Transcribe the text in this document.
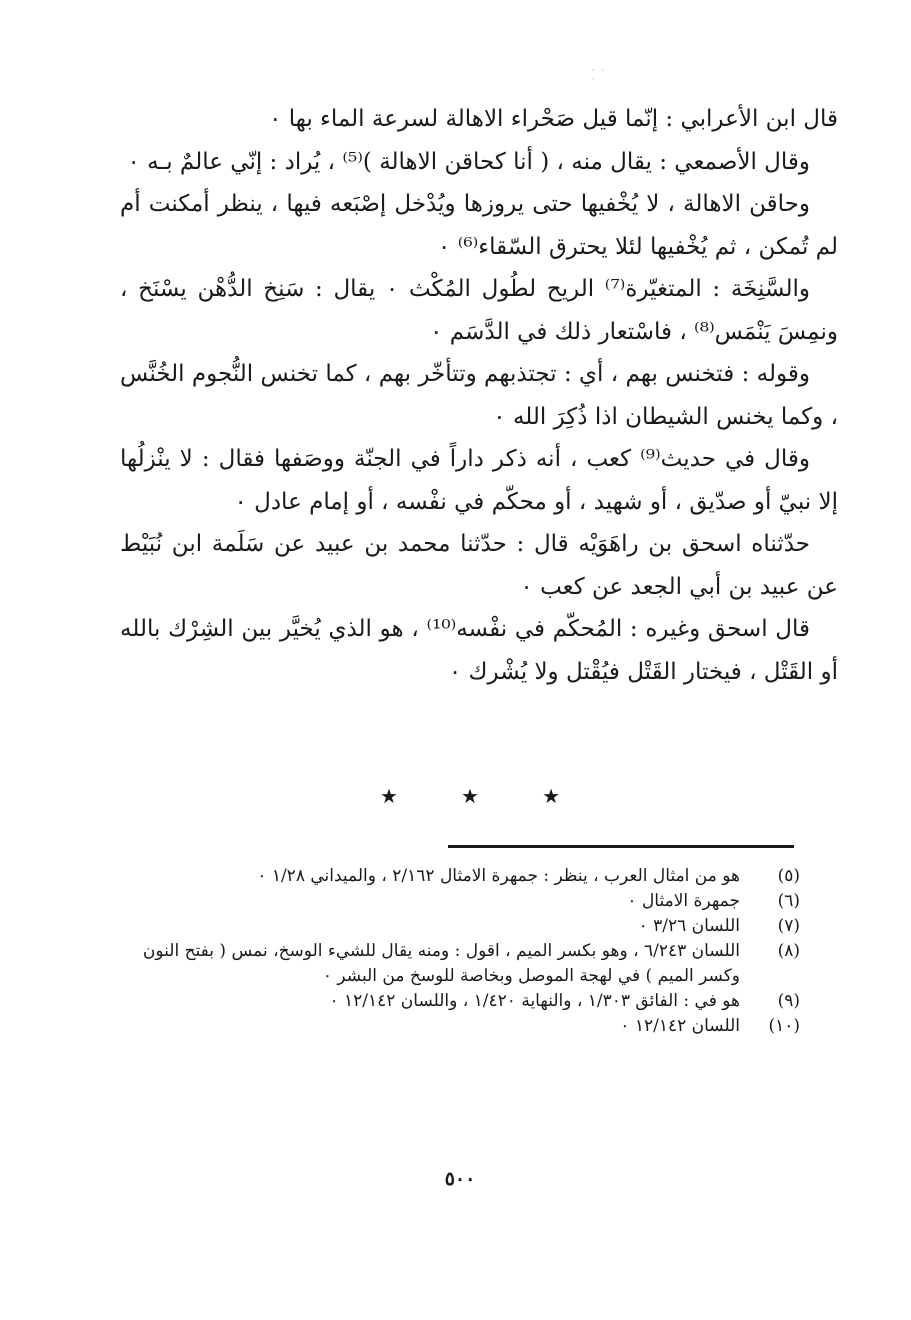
· · ·

قال ابن الأعرابي : إنّما قيل صَحْراء الاهالة لسرعة الماء بها ٠

وقال الأصمعي : يقال منه ، ( أنا كحاقن الاهالة )⁽⁵⁾ ، يُراد : إنّي عالمٌ بـه ٠

وحاقن الاهالة ، لا يُخْفيها حتى يروزها ويُدْخل إصْبَعه فيها ، ينظر أمكنت أم لم تُمكن ، ثم يُخْفيها لئلا يحترق السّقاء⁽⁶⁾ ٠

والسَّنِخَة : المتغيّرة⁽⁷⁾ الريح لطُول المُكْث ٠ يقال : سَنِخ الدُّهْن يسْنَخ ، ونمِسَ يَنْمَس⁽⁸⁾ ، فاسْتعار ذلك في الدَّسَم ٠

وقوله : فتخنس بهم ، أي : تجتذبهم وتتأخّر بهم ، كما تخنس النُّجوم الخُنَّس ، وكما يخنس الشيطان اذا ذُكِرَ الله ٠

وقال في حديث⁽⁹⁾ كعب ، أنه ذكر داراً في الجنّة ووصَفها فقال : لا ينْزلُها إلا نبيّ أو صدّيق ، أو شهيد ، أو محكّم في نفْسه ، أو إمام عادل ٠

حدّثناه اسحق بن راهَوَيْه قال : حدّثنا محمد بن عبيد عن سَلَمة ابن نُبَيْط عن عبيد بن أبي الجعد عن كعب ٠

قال اسحق وغيره : المُحكّم في نفْسه⁽¹⁰⁾ ، هو الذي يُخيَّر بين الشِرْك بالله أو القَتْل ، فيختار القَتْل فيُقْتل ولا يُشْرك ٠

★	★	★
(٥)
هو من امثال العرب ، ينظر : جمهرة الامثال ٢/١٦٢ ، والميداني ١/٢٨ ٠
(٦)
جمهرة الامثال ٠
(٧)
اللسان ٣/٢٦ ٠
(٨)
اللسان ٦/٢٤٣ ، وهو بكسر الميم ، اقول : ومنه يقال للشيء الوسخ، نمس ( بفتح النون وكسر الميم ) في لهجة الموصل وبخاصة للوسخ من البشر ٠
(٩)
هو في : الفائق ١/٣٠٣ ، والنهاية ١/٤٢٠ ، واللسان ١٢/١٤٢ ٠
(١٠)
اللسان ١٢/١٤٢ ٠
٥٠٠
